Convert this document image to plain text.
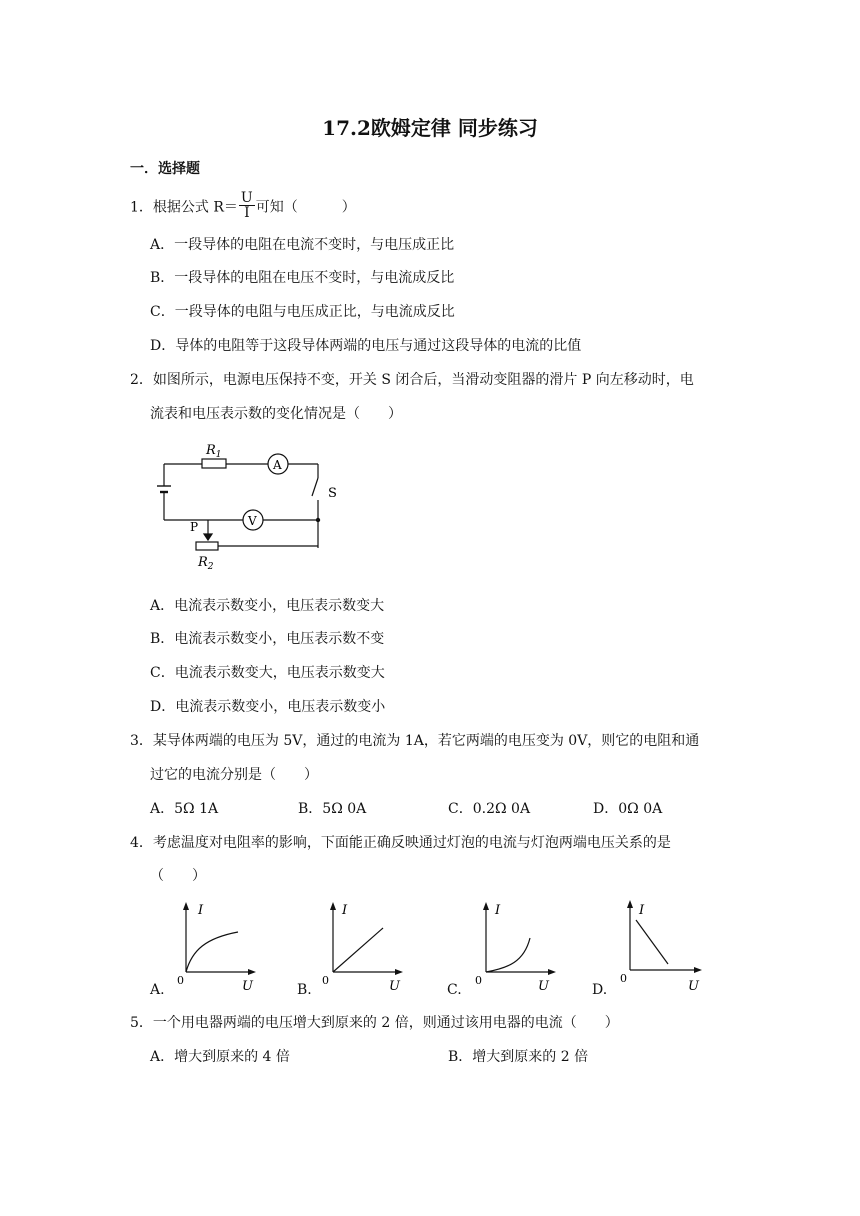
17.2欧姆定律 同步练习
一．选择题
1．根据公式 $R= \frac{U}{I}$ 可知（	）
A．一段导体的电阻在电流不变时，与电压成正比
B．一段导体的电阻在电压不变时，与电流成反比
C．一段导体的电阻与电压成正比，与电流成反比
D．导体的电阻等于这段导体两端的电压与通过这段导体的电流的比值
2．如图所示，电源电压保持不变，开关 S 闭合后，当滑动变阻器的滑片 P 向左移动时，电
流表和电压表示数的变化情况是（　　）
$R_1$
A
V
S
P
$R_2$
A．电流表示数变小，电压表示数变大
B．电流表示数变小，电压表示数不变
C．电流表示数变大，电压表示数变大
D．电流表示数变小，电压表示数变小
3．某导体两端的电压为 5V，通过的电流为 1A，若它两端的电压变为 0V，则它的电阻和通
过它的电流分别是（　　）
A．5Ω 1A	B．5Ω 0A	C．0.2Ω 0A	D．0Ω 0A
4．考虑温度对电阻率的影响，下面能正确反映通过灯泡的电流与灯泡两端电压关系的是
（　　）
A.
I
U
0
B.
I
U
0
C.
I
U
0
D.
I
U
0
5．一个用电器两端的电压增大到原来的 2 倍，则通过该用电器的电流（　　）
A．增大到原来的 4 倍	B．增大到原来的 2 倍
